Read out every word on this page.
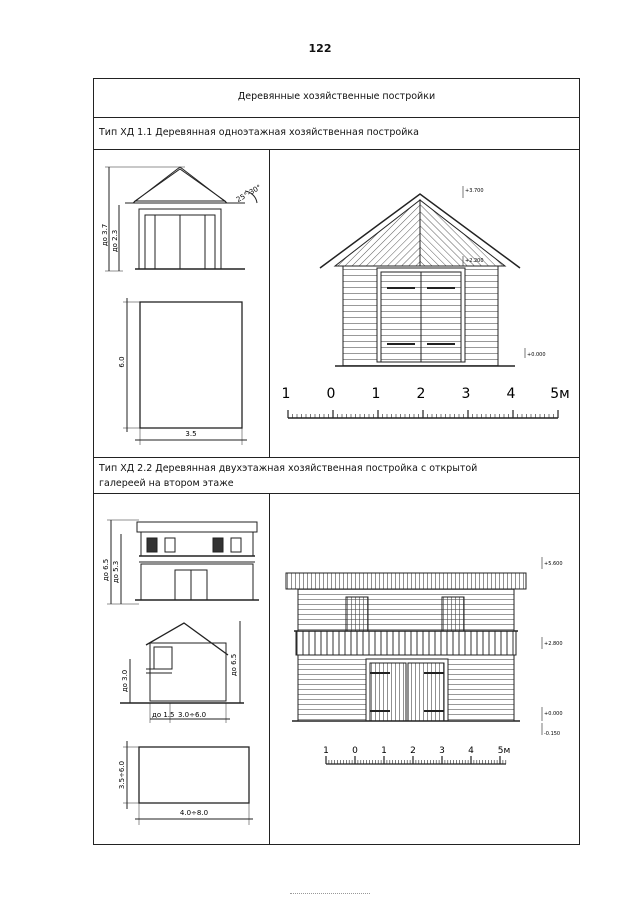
122
Деревянные хозяйственные постройки
Тип ХД 1.1 Деревянная одноэтажная хозяйственная постройка
Тип ХД 2.2 Деревянная двухэтажная хозяйственная постройка с открытой
галереей на втором этаже
до 3.7 до 2.3
25°-30°
6.0
3.5
+3.700
+2.200
+0.000
1	0	1	2	3	4 5м
до 6.5 до 5.3
до 6.5
до 3.0
до 1.5 3.0÷6.0
3.5÷6.0
4.0÷8.0
+5.600
+2.800
+0.000
-0.150
1	0	1	2	3	4	5м
